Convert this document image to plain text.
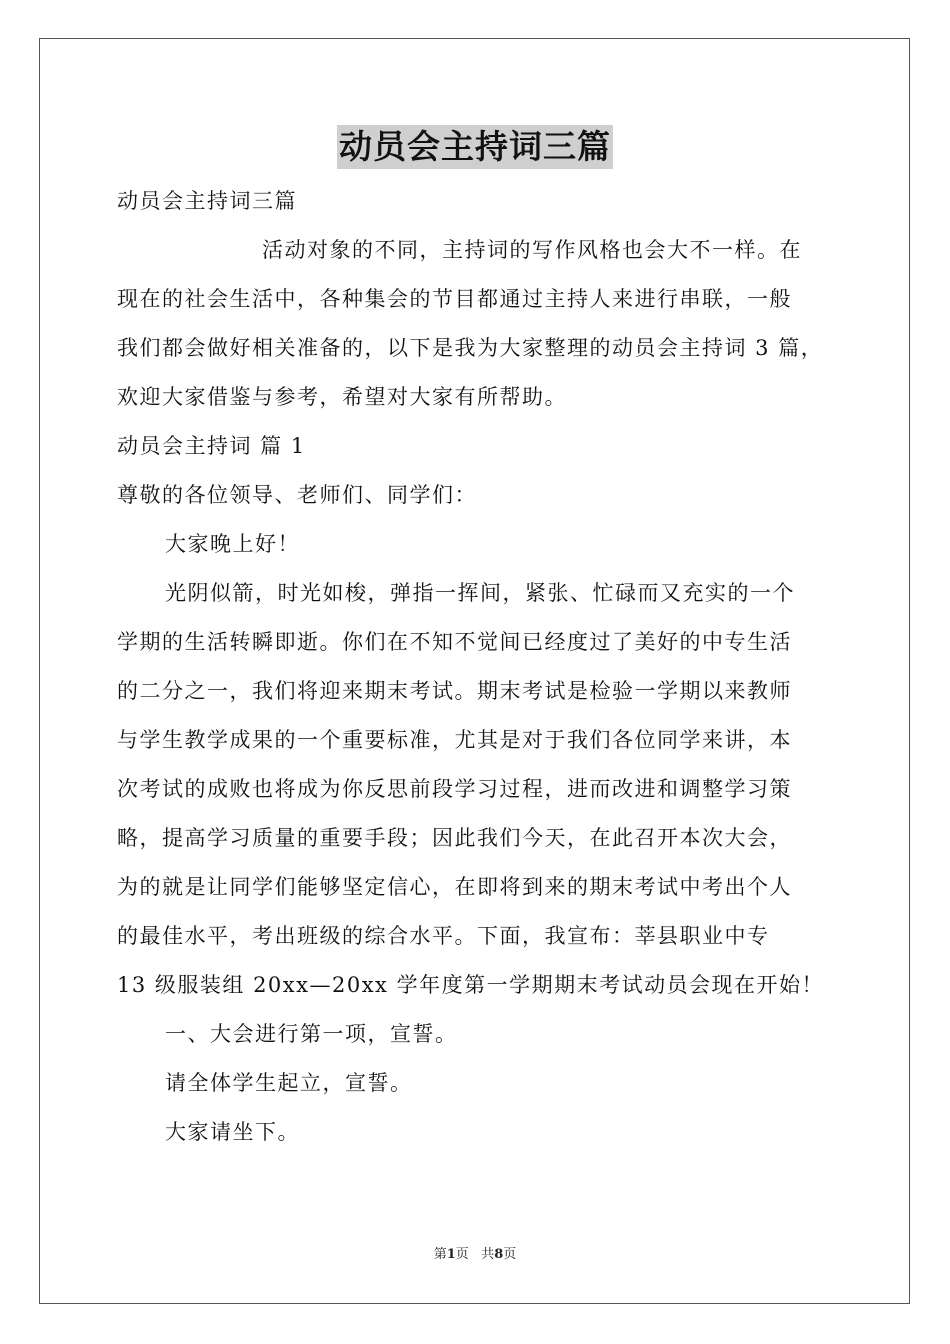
动员会主持词三篇
动员会主持词三篇
活动对象的不同，主持词的写作风格也会大不一样。在
现在的社会生活中，各种集会的节目都通过主持人来进行串联，一般
我们都会做好相关准备的，以下是我为大家整理的动员会主持词 3 篇，
欢迎大家借鉴与参考，希望对大家有所帮助。
动员会主持词 篇 1
尊敬的各位领导、老师们、同学们：
大家晚上好！
光阴似箭，时光如梭，弹指一挥间，紧张、忙碌而又充实的一个
学期的生活转瞬即逝。你们在不知不觉间已经度过了美好的中专生活
的二分之一，我们将迎来期末考试。期末考试是检验一学期以来教师
与学生教学成果的一个重要标准，尤其是对于我们各位同学来讲，本
次考试的成败也将成为你反思前段学习过程，进而改进和调整学习策
略，提高学习质量的重要手段；因此我们今天，在此召开本次大会，
为的就是让同学们能够坚定信心，在即将到来的期末考试中考出个人
的最佳水平，考出班级的综合水平。下面，我宣布：莘县职业中专
13 级服装组 20xx—20xx 学年度第一学期期末考试动员会现在开始！
一、大会进行第一项，宣誓。
请全体学生起立，宣誓。
大家请坐下。
第1页 共8页
